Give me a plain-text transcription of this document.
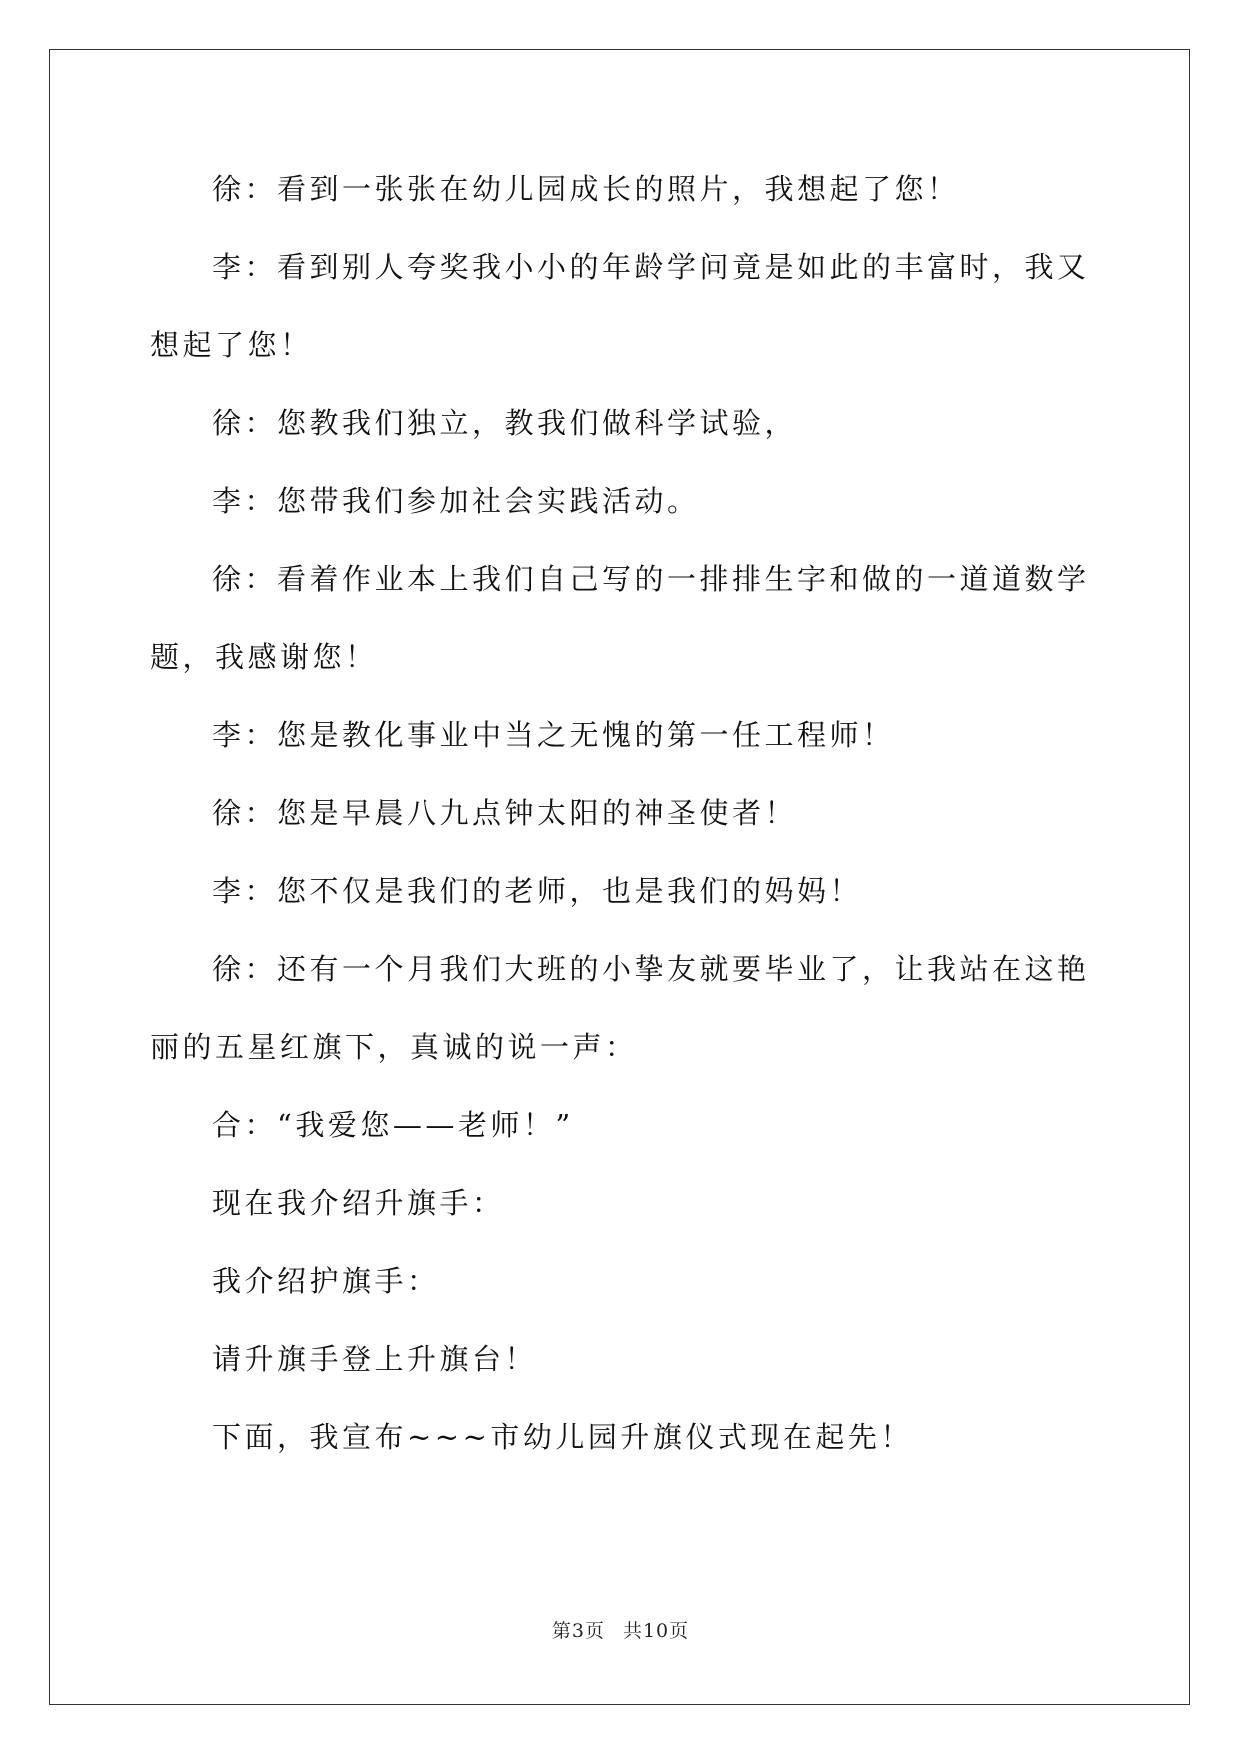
徐：看到一张张在幼儿园成长的照片，我想起了您！

李：看到别人夸奖我小小的年龄学问竟是如此的丰富时，我又想起了您！

徐：您教我们独立，教我们做科学试验，

李：您带我们参加社会实践活动。

徐：看着作业本上我们自己写的一排排生字和做的一道道数学题，我感谢您！

李：您是教化事业中当之无愧的第一任工程师！

徐：您是早晨八九点钟太阳的神圣使者！

李：您不仅是我们的老师，也是我们的妈妈！

徐：还有一个月我们大班的小挚友就要毕业了，让我站在这艳丽的五星红旗下，真诚的说一声：

合：“我爱您——老师！”

现在我介绍升旗手：

我介绍护旗手：

请升旗手登上升旗台！

下面，我宣布~~~市幼儿园升旗仪式现在起先！

第3页 共10页
